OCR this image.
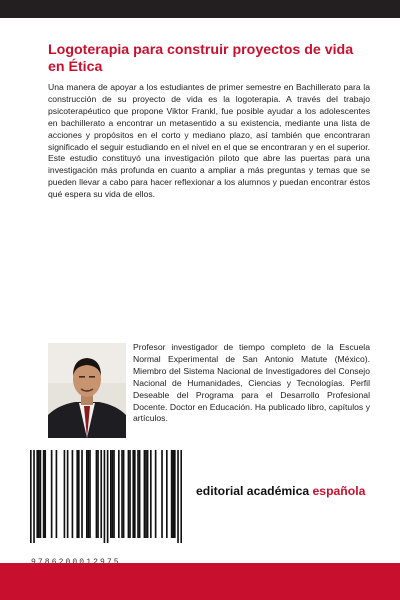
Logoterapia para construir proyectos de vida en Ética

Una manera de apoyar a los estudiantes de primer semestre en Bachillerato para la construcción de su proyecto de vida es la logoterapia. A través del trabajo psicoterapéutico que propone Viktor Frankl, fue posible ayudar a los adolescentes en bachillerato a encontrar un metasentido a su existencia, mediante una lista de acciones y propósitos en el corto y mediano plazo, así también que encontraran significado el seguir estudiando en el nivel en el que se encontraran y en el superior. Este estudio constituyó una investigación piloto que abre las puertas para una investigación más profunda en cuanto a ampliar a más preguntas y temas que se pueden llevar a cabo para hacer reflexionar a los alumnos y puedan encontrar éstos qué espera su vida de ellos.

Profesor investigador de tiempo completo de la Escuela Normal Experimental de San Antonio Matute (México). Miembro del Sistema Nacional de Investigadores del Consejo Nacional de Humanidades, Ciencias y Tecnologías. Perfil Deseable del Programa para el Desarrollo Profesional Docente. Doctor en Educación. Ha publicado libro, capítulos y artículos.

editorial académica española
